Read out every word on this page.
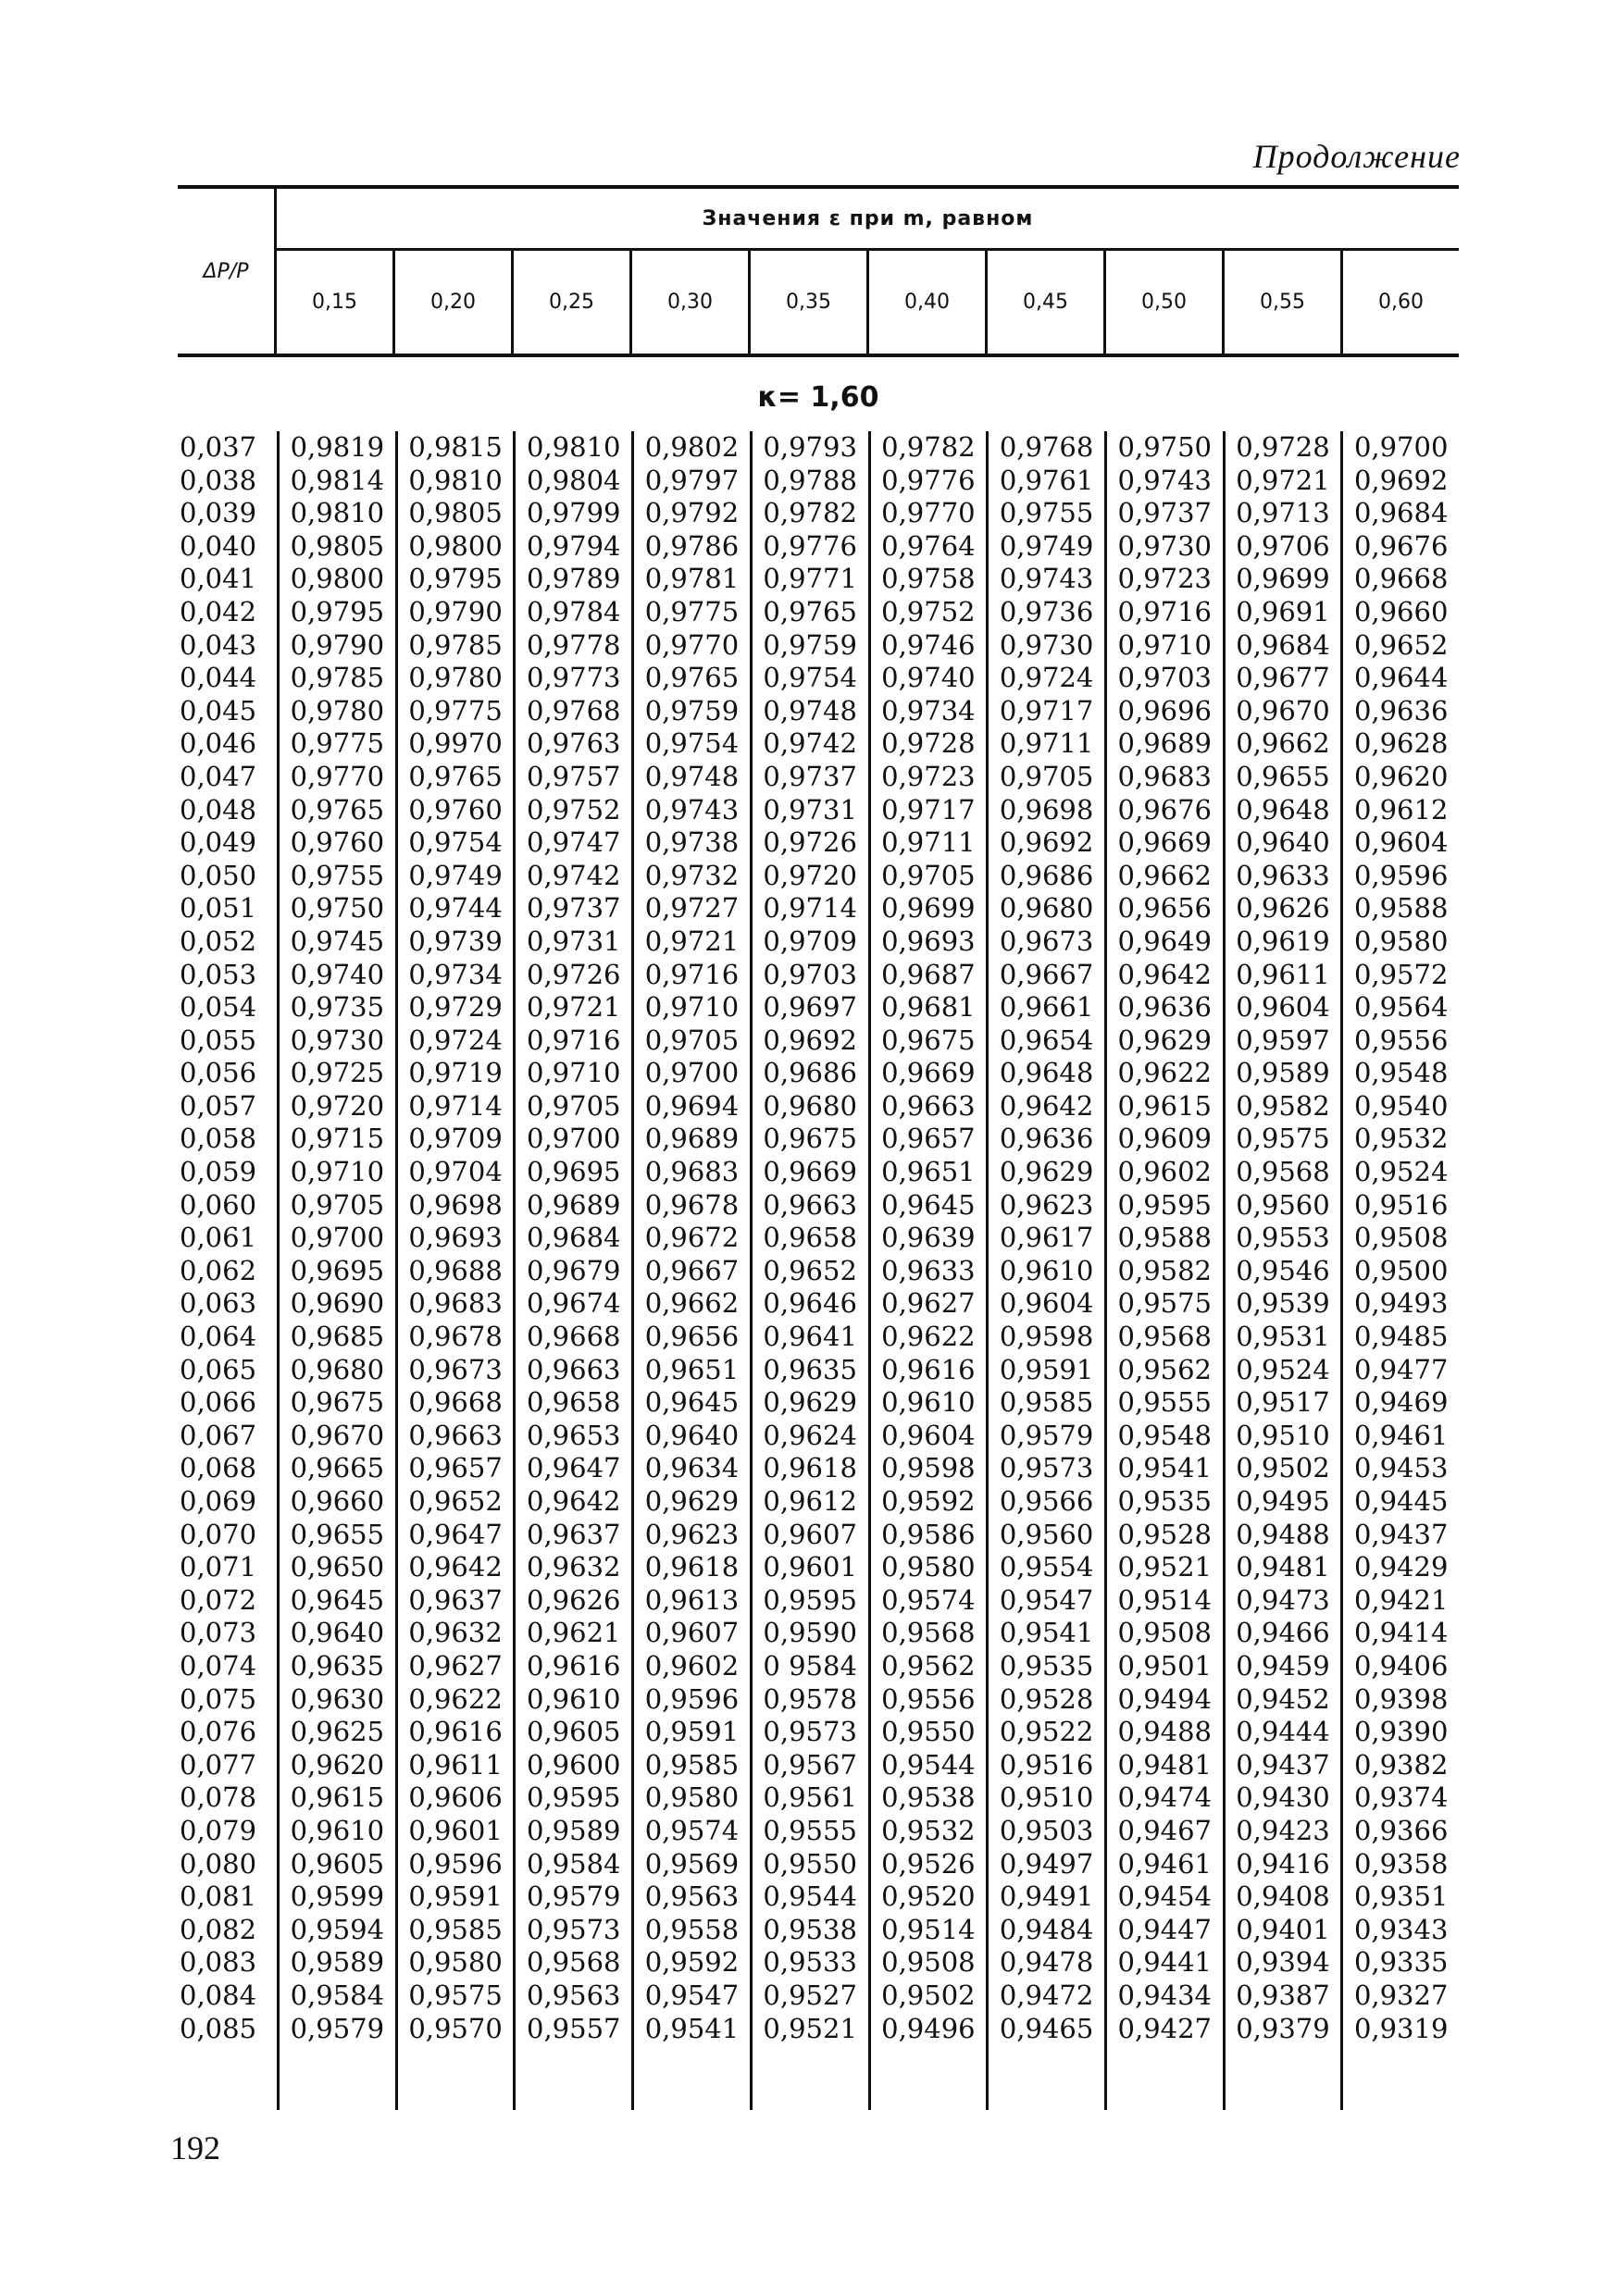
Продолжение
ΔP/P
Значения ε при m, равном
0,15	0,20	0,25	0,30	0,35	0,40	0,45	0,50	0,55	0,60
κ= 1,60
0,037	0,9819 0,9815 0,9810 0,9802 0,9793 0,9782 0,9768 0,9750 0,9728 0,9700
0,038	0,9814 0,9810 0,9804 0,9797 0,9788 0,9776 0,9761 0,9743 0,9721 0,9692
0,039	0,9810 0,9805 0,9799 0,9792 0,9782 0,9770 0,9755 0,9737 0,9713 0,9684
0,040	0,9805 0,9800 0,9794 0,9786 0,9776 0,9764 0,9749 0,9730 0,9706 0,9676
0,041	0,9800 0,9795 0,9789 0,9781 0,9771 0,9758 0,9743 0,9723 0,9699 0,9668
0,042	0,9795 0,9790 0,9784 0,9775 0,9765 0,9752 0,9736 0,9716 0,9691 0,9660
0,043	0,9790 0,9785 0,9778 0,9770 0,9759 0,9746 0,9730 0,9710 0,9684 0,9652
0,044	0,9785 0,9780 0,9773 0,9765 0,9754 0,9740 0,9724 0,9703 0,9677 0,9644
0,045	0,9780 0,9775 0,9768 0,9759 0,9748 0,9734 0,9717 0,9696 0,9670 0,9636
0,046	0,9775 0,9970 0,9763 0,9754 0,9742 0,9728 0,9711 0,9689 0,9662 0,9628
0,047	0,9770 0,9765 0,9757 0,9748 0,9737 0,9723 0,9705 0,9683 0,9655 0,9620
0,048	0,9765 0,9760 0,9752 0,9743 0,9731 0,9717 0,9698 0,9676 0,9648 0,9612
0,049	0,9760 0,9754 0,9747 0,9738 0,9726 0,9711 0,9692 0,9669 0,9640 0,9604
0,050	0,9755 0,9749 0,9742 0,9732 0,9720 0,9705 0,9686 0,9662 0,9633 0,9596
0,051	0,9750 0,9744 0,9737 0,9727 0,9714 0,9699 0,9680 0,9656 0,9626 0,9588
0,052	0,9745 0,9739 0,9731 0,9721 0,9709 0,9693 0,9673 0,9649 0,9619 0,9580
0,053	0,9740 0,9734 0,9726 0,9716 0,9703 0,9687 0,9667 0,9642 0,9611 0,9572
0,054	0,9735 0,9729 0,9721 0,9710 0,9697 0,9681 0,9661 0,9636 0,9604 0,9564
0,055	0,9730 0,9724 0,9716 0,9705 0,9692 0,9675 0,9654 0,9629 0,9597 0,9556
0,056	0,9725 0,9719 0,9710 0,9700 0,9686 0,9669 0,9648 0,9622 0,9589 0,9548
0,057	0,9720 0,9714 0,9705 0,9694 0,9680 0,9663 0,9642 0,9615 0,9582 0,9540
0,058	0,9715 0,9709 0,9700 0,9689 0,9675 0,9657 0,9636 0,9609 0,9575 0,9532
0,059	0,9710 0,9704 0,9695 0,9683 0,9669 0,9651 0,9629 0,9602 0,9568 0,9524
0,060	0,9705 0,9698 0,9689 0,9678 0,9663 0,9645 0,9623 0,9595 0,9560 0,9516
0,061	0,9700 0,9693 0,9684 0,9672 0,9658 0,9639 0,9617 0,9588 0,9553 0,9508
0,062	0,9695 0,9688 0,9679 0,9667 0,9652 0,9633 0,9610 0,9582 0,9546 0,9500
0,063	0,9690 0,9683 0,9674 0,9662 0,9646 0,9627 0,9604 0,9575 0,9539 0,9493
0,064	0,9685 0,9678 0,9668 0,9656 0,9641 0,9622 0,9598 0,9568 0,9531 0,9485
0,065	0,9680 0,9673 0,9663 0,9651 0,9635 0,9616 0,9591 0,9562 0,9524 0,9477
0,066	0,9675 0,9668 0,9658 0,9645 0,9629 0,9610 0,9585 0,9555 0,9517 0,9469
0,067	0,9670 0,9663 0,9653 0,9640 0,9624 0,9604 0,9579 0,9548 0,9510 0,9461
0,068	0,9665 0,9657 0,9647 0,9634 0,9618 0,9598 0,9573 0,9541 0,9502 0,9453
0,069	0,9660 0,9652 0,9642 0,9629 0,9612 0,9592 0,9566 0,9535 0,9495 0,9445
0,070	0,9655 0,9647 0,9637 0,9623 0,9607 0,9586 0,9560 0,9528 0,9488 0,9437
0,071	0,9650 0,9642 0,9632 0,9618 0,9601 0,9580 0,9554 0,9521 0,9481 0,9429
0,072	0,9645 0,9637 0,9626 0,9613 0,9595 0,9574 0,9547 0,9514 0,9473 0,9421
0,073	0,9640 0,9632 0,9621 0,9607 0,9590 0,9568 0,9541 0,9508 0,9466 0,9414
0,074	0,9635 0,9627 0,9616 0,9602 0 9584 0,9562 0,9535 0,9501 0,9459 0,9406
0,075	0,9630 0,9622 0,9610 0,9596 0,9578 0,9556 0,9528 0,9494 0,9452 0,9398
0,076	0,9625 0,9616 0,9605 0,9591 0,9573 0,9550 0,9522 0,9488 0,9444 0,9390
0,077	0,9620 0,9611 0,9600 0,9585 0,9567 0,9544 0,9516 0,9481 0,9437 0,9382
0,078	0,9615 0,9606 0,9595 0,9580 0,9561 0,9538 0,9510 0,9474 0,9430 0,9374
0,079	0,9610 0,9601 0,9589 0,9574 0,9555 0,9532 0,9503 0,9467 0,9423 0,9366
0,080	0,9605 0,9596 0,9584 0,9569 0,9550 0,9526 0,9497 0,9461 0,9416 0,9358
0,081	0,9599 0,9591 0,9579 0,9563 0,9544 0,9520 0,9491 0,9454 0,9408 0,9351
0,082	0,9594 0,9585 0,9573 0,9558 0,9538 0,9514 0,9484 0,9447 0,9401 0,9343
0,083	0,9589 0,9580 0,9568 0,9592 0,9533 0,9508 0,9478 0,9441 0,9394 0,9335
0,084	0,9584 0,9575 0,9563 0,9547 0,9527 0,9502 0,9472 0,9434 0,9387 0,9327
0,085	0,9579 0,9570 0,9557 0,9541 0,9521 0,9496 0,9465 0,9427 0,9379 0,9319
192
